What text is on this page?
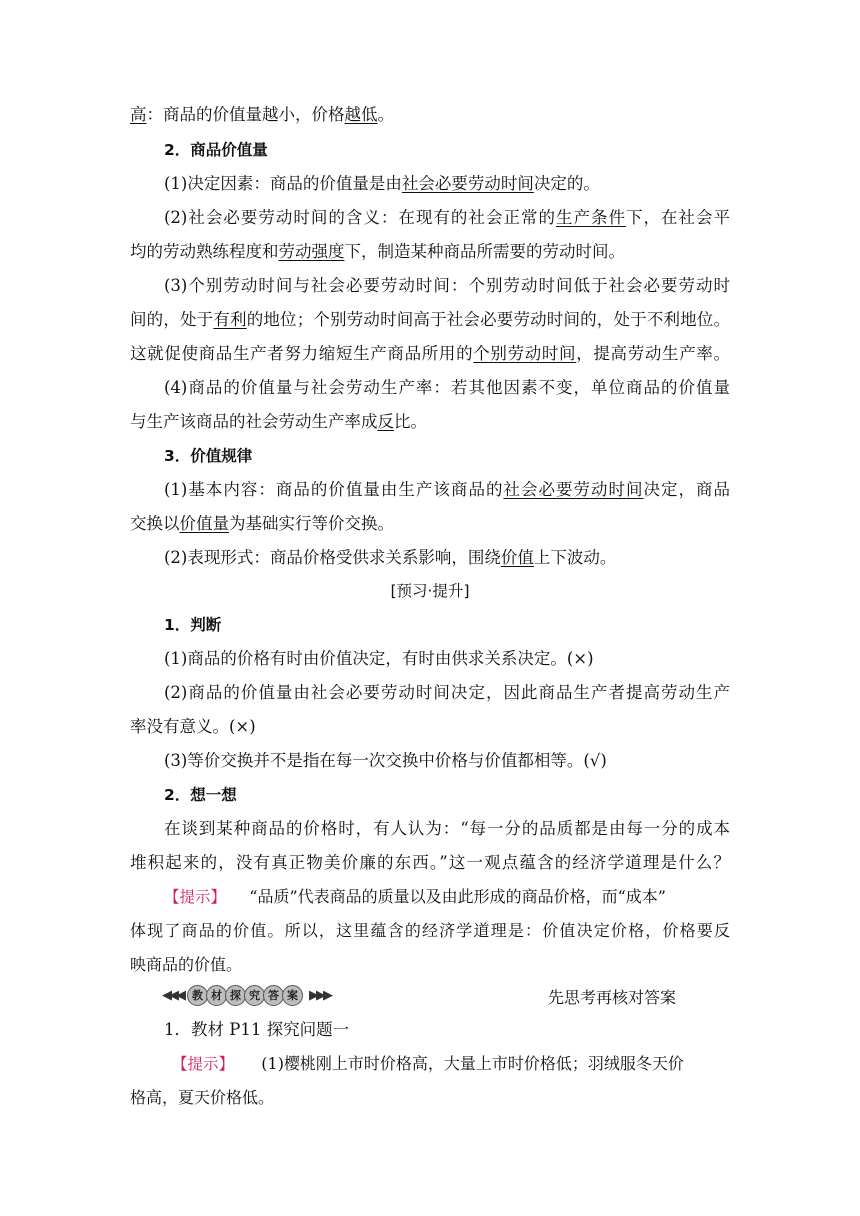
高：商品的价值量越小，价格越低。
2．商品价值量
(1)决定因素：商品的价值量是由社会必要劳动时间决定的。
(2)社会必要劳动时间的含义：在现有的社会正常的生产条件下，在社会平
均的劳动熟练程度和劳动强度下，制造某种商品所需要的劳动时间。
(3)个别劳动时间与社会必要劳动时间：个别劳动时间低于社会必要劳动时
间的，处于有利的地位；个别劳动时间高于社会必要劳动时间的，处于不利地位。
这就促使商品生产者努力缩短生产商品所用的个别劳动时间，提高劳动生产率。
(4)商品的价值量与社会劳动生产率：若其他因素不变，单位商品的价值量
与生产该商品的社会劳动生产率成反比。
3．价值规律
(1)基本内容：商品的价值量由生产该商品的社会必要劳动时间决定，商品
交换以价值量为基础实行等价交换。
(2)表现形式：商品价格受供求关系影响，围绕价值上下波动。
[预习·提升]
1．判断
(1)商品的价格有时由价值决定，有时由供求关系决定。(×)
(2)商品的价值量由社会必要劳动时间决定，因此商品生产者提高劳动生产
率没有意义。(×)
(3)等价交换并不是指在每一次交换中价格与价值都相等。(√)
2．想一想
在谈到某种商品的价格时，有人认为：“每一分的品质都是由每一分的成本
堆积起来的，没有真正物美价廉的东西。”这一观点蕴含的经济学道理是什么？
【提示】 “品质”代表商品的质量以及由此形成的商品价格，而“成本”
体现了商品的价值。所以，这里蕴含的经济学道理是：价值决定价格，价格要反
映商品的价值。
◀◀◀ 教 材 探 究 答 案 ▶▶▶	先思考再核对答案
1．教材 P11 探究问题一
【提示】 (1)樱桃刚上市时价格高，大量上市时价格低；羽绒服冬天价
格高，夏天价格低。
